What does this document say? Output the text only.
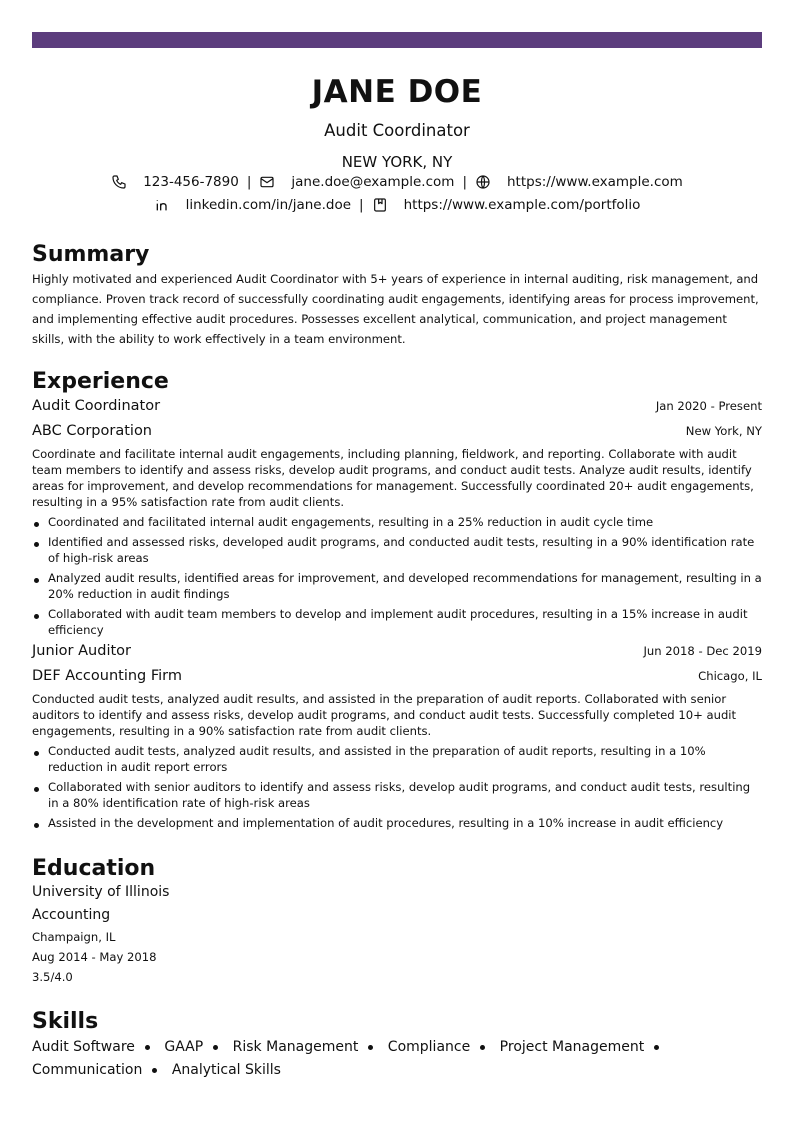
JANE DOE
Audit Coordinator
NEW YORK, NY
123-456-7890 |	jane.doe@example.com |	https://www.example.com
linkedin.com/in/jane.doe |	https://www.example.com/portfolio
Summary
Highly motivated and experienced Audit Coordinator with 5+ years of experience in internal auditing, risk management, and compliance. Proven track record of successfully coordinating audit engagements, identifying areas for process improvement, and implementing effective audit procedures. Possesses excellent analytical, communication, and project management skills, with the ability to work effectively in a team environment.
Experience
Audit Coordinator	Jan 2020 - Present
ABC Corporation	New York, NY
Coordinate and facilitate internal audit engagements, including planning, fieldwork, and reporting. Collaborate with audit team members to identify and assess risks, develop audit programs, and conduct audit tests. Analyze audit results, identify areas for improvement, and develop recommendations for management. Successfully coordinated 20+ audit engagements, resulting in a 95% satisfaction rate from audit clients.
Coordinated and facilitated internal audit engagements, resulting in a 25% reduction in audit cycle time
Identified and assessed risks, developed audit programs, and conducted audit tests, resulting in a 90% identification rate of high-risk areas
Analyzed audit results, identified areas for improvement, and developed recommendations for management, resulting in a 20% reduction in audit findings
Collaborated with audit team members to develop and implement audit procedures, resulting in a 15% increase in audit efficiency
Junior Auditor	Jun 2018 - Dec 2019
DEF Accounting Firm	Chicago, IL
Conducted audit tests, analyzed audit results, and assisted in the preparation of audit reports. Collaborated with senior auditors to identify and assess risks, develop audit programs, and conduct audit tests. Successfully completed 10+ audit engagements, resulting in a 90% satisfaction rate from audit clients.
Conducted audit tests, analyzed audit results, and assisted in the preparation of audit reports, resulting in a 10% reduction in audit report errors
Collaborated with senior auditors to identify and assess risks, develop audit programs, and conduct audit tests, resulting in a 80% identification rate of high-risk areas
Assisted in the development and implementation of audit procedures, resulting in a 10% increase in audit efficiency
Education
University of Illinois
Accounting
Champaign, IL
Aug 2014 - May 2018
3.5/4.0
Skills
Audit Software GAAP Risk Management Compliance Project Management Communication Analytical Skills
